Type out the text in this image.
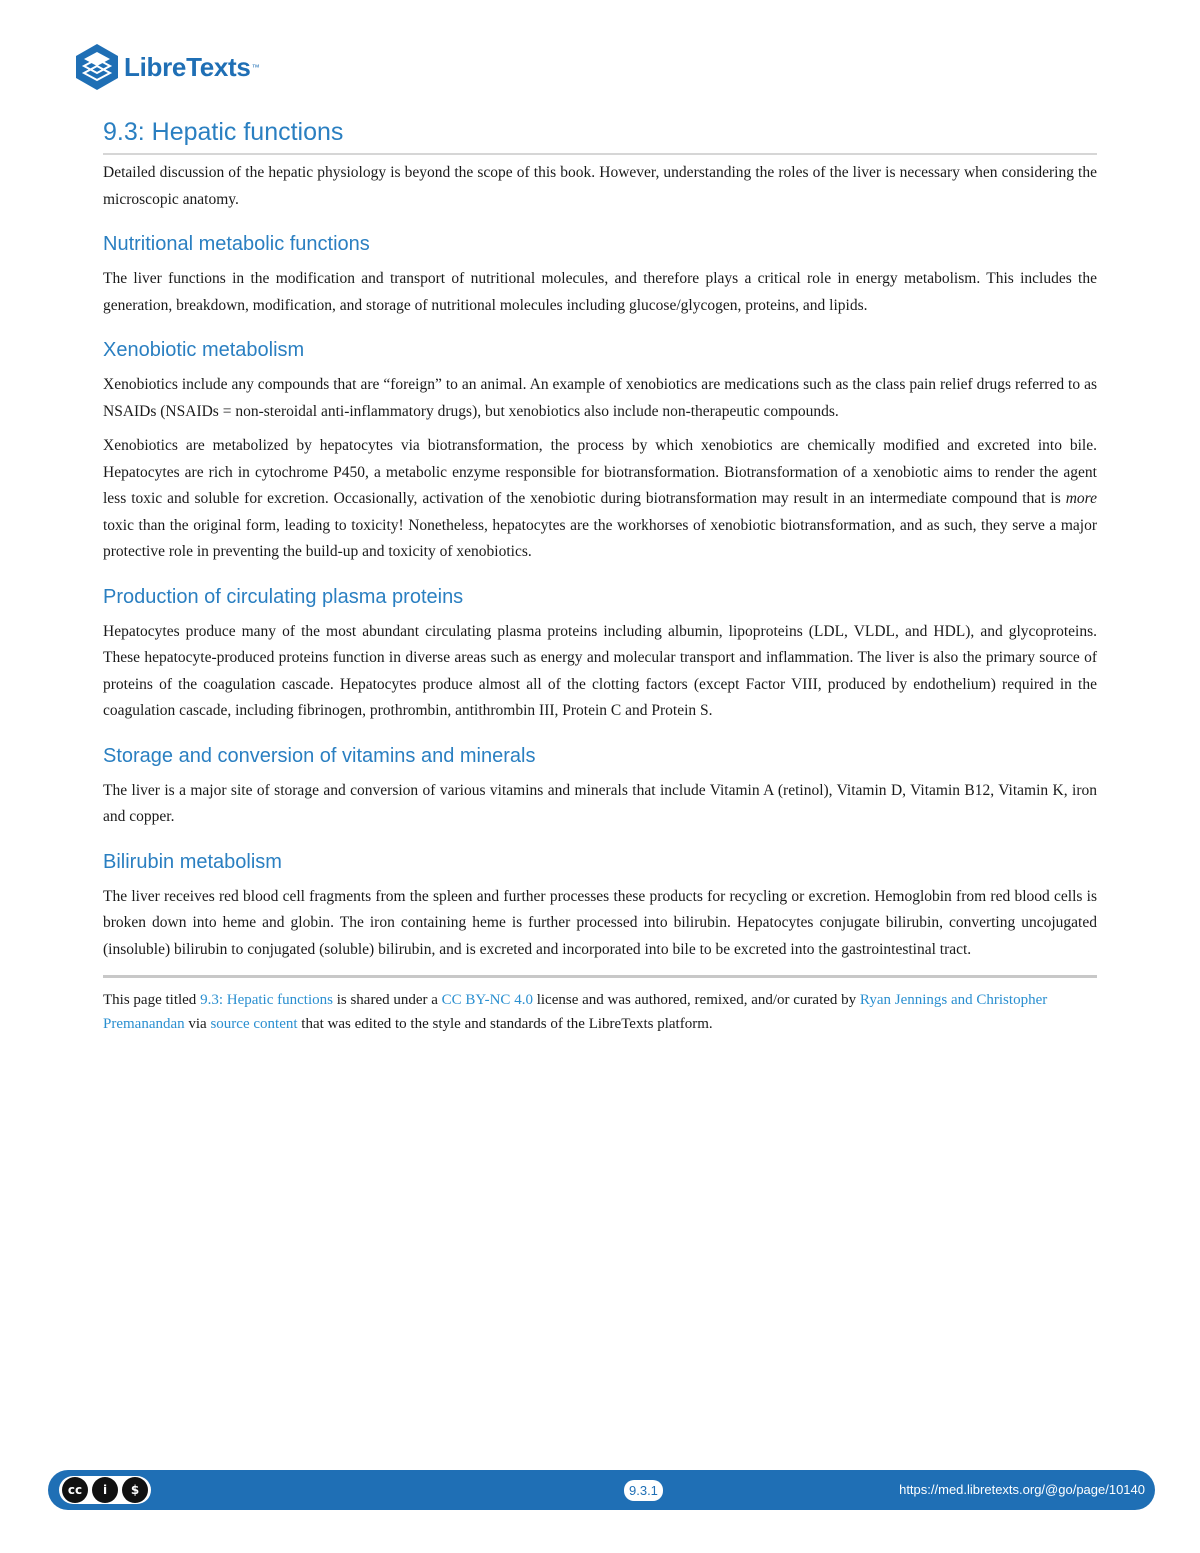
LibreTexts ™
9.3: Hepatic functions

Detailed discussion of the hepatic physiology is beyond the scope of this book. However, understanding the roles of the liver is necessary when considering the microscopic anatomy.

Nutritional metabolic functions

The liver functions in the modification and transport of nutritional molecules, and therefore plays a critical role in energy metabolism. This includes the generation, breakdown, modification, and storage of nutritional molecules including glucose/glycogen, proteins, and lipids.

Xenobiotic metabolism

Xenobiotics include any compounds that are “foreign” to an animal. An example of xenobiotics are medications such as the class pain relief drugs referred to as NSAIDs (NSAIDs = non-steroidal anti-inflammatory drugs), but xenobiotics also include non-therapeutic compounds.

Xenobiotics are metabolized by hepatocytes via biotransformation, the process by which xenobiotics are chemically modified and excreted into bile. Hepatocytes are rich in cytochrome P450, a metabolic enzyme responsible for biotransformation. Biotransformation of a xenobiotic aims to render the agent less toxic and soluble for excretion. Occasionally, activation of the xenobiotic during biotransformation may result in an intermediate compound that is more toxic than the original form, leading to toxicity! Nonetheless, hepatocytes are the workhorses of xenobiotic biotransformation, and as such, they serve a major protective role in preventing the build-up and toxicity of xenobiotics.

Production of circulating plasma proteins

Hepatocytes produce many of the most abundant circulating plasma proteins including albumin, lipoproteins (LDL, VLDL, and HDL), and glycoproteins. These hepatocyte-produced proteins function in diverse areas such as energy and molecular transport and inflammation. The liver is also the primary source of proteins of the coagulation cascade. Hepatocytes produce almost all of the clotting factors (except Factor VIII, produced by endothelium) required in the coagulation cascade, including fibrinogen, prothrombin, antithrombin III, Protein C and Protein S.

Storage and conversion of vitamins and minerals

The liver is a major site of storage and conversion of various vitamins and minerals that include Vitamin A (retinol), Vitamin D, Vitamin B12, Vitamin K, iron and copper.

Bilirubin metabolism

The liver receives red blood cell fragments from the spleen and further processes these products for recycling or excretion. Hemoglobin from red blood cells is broken down into heme and globin. The iron containing heme is further processed into bilirubin. Hepatocytes conjugate bilirubin, converting uncojugated (insoluble) bilirubin to conjugated (soluble) bilirubin, and is excreted and incorporated into bile to be excreted into the gastrointestinal tract.

This page titled 9.3: Hepatic functions is shared under a CC BY-NC 4.0 license and was authored, remixed, and/or curated by Ryan Jennings and Christopher Premanandan via source content that was edited to the style and standards of the LibreTexts platform.
cc	i	$	9.3.1	https://med.libretexts.org/@go/page/10140
